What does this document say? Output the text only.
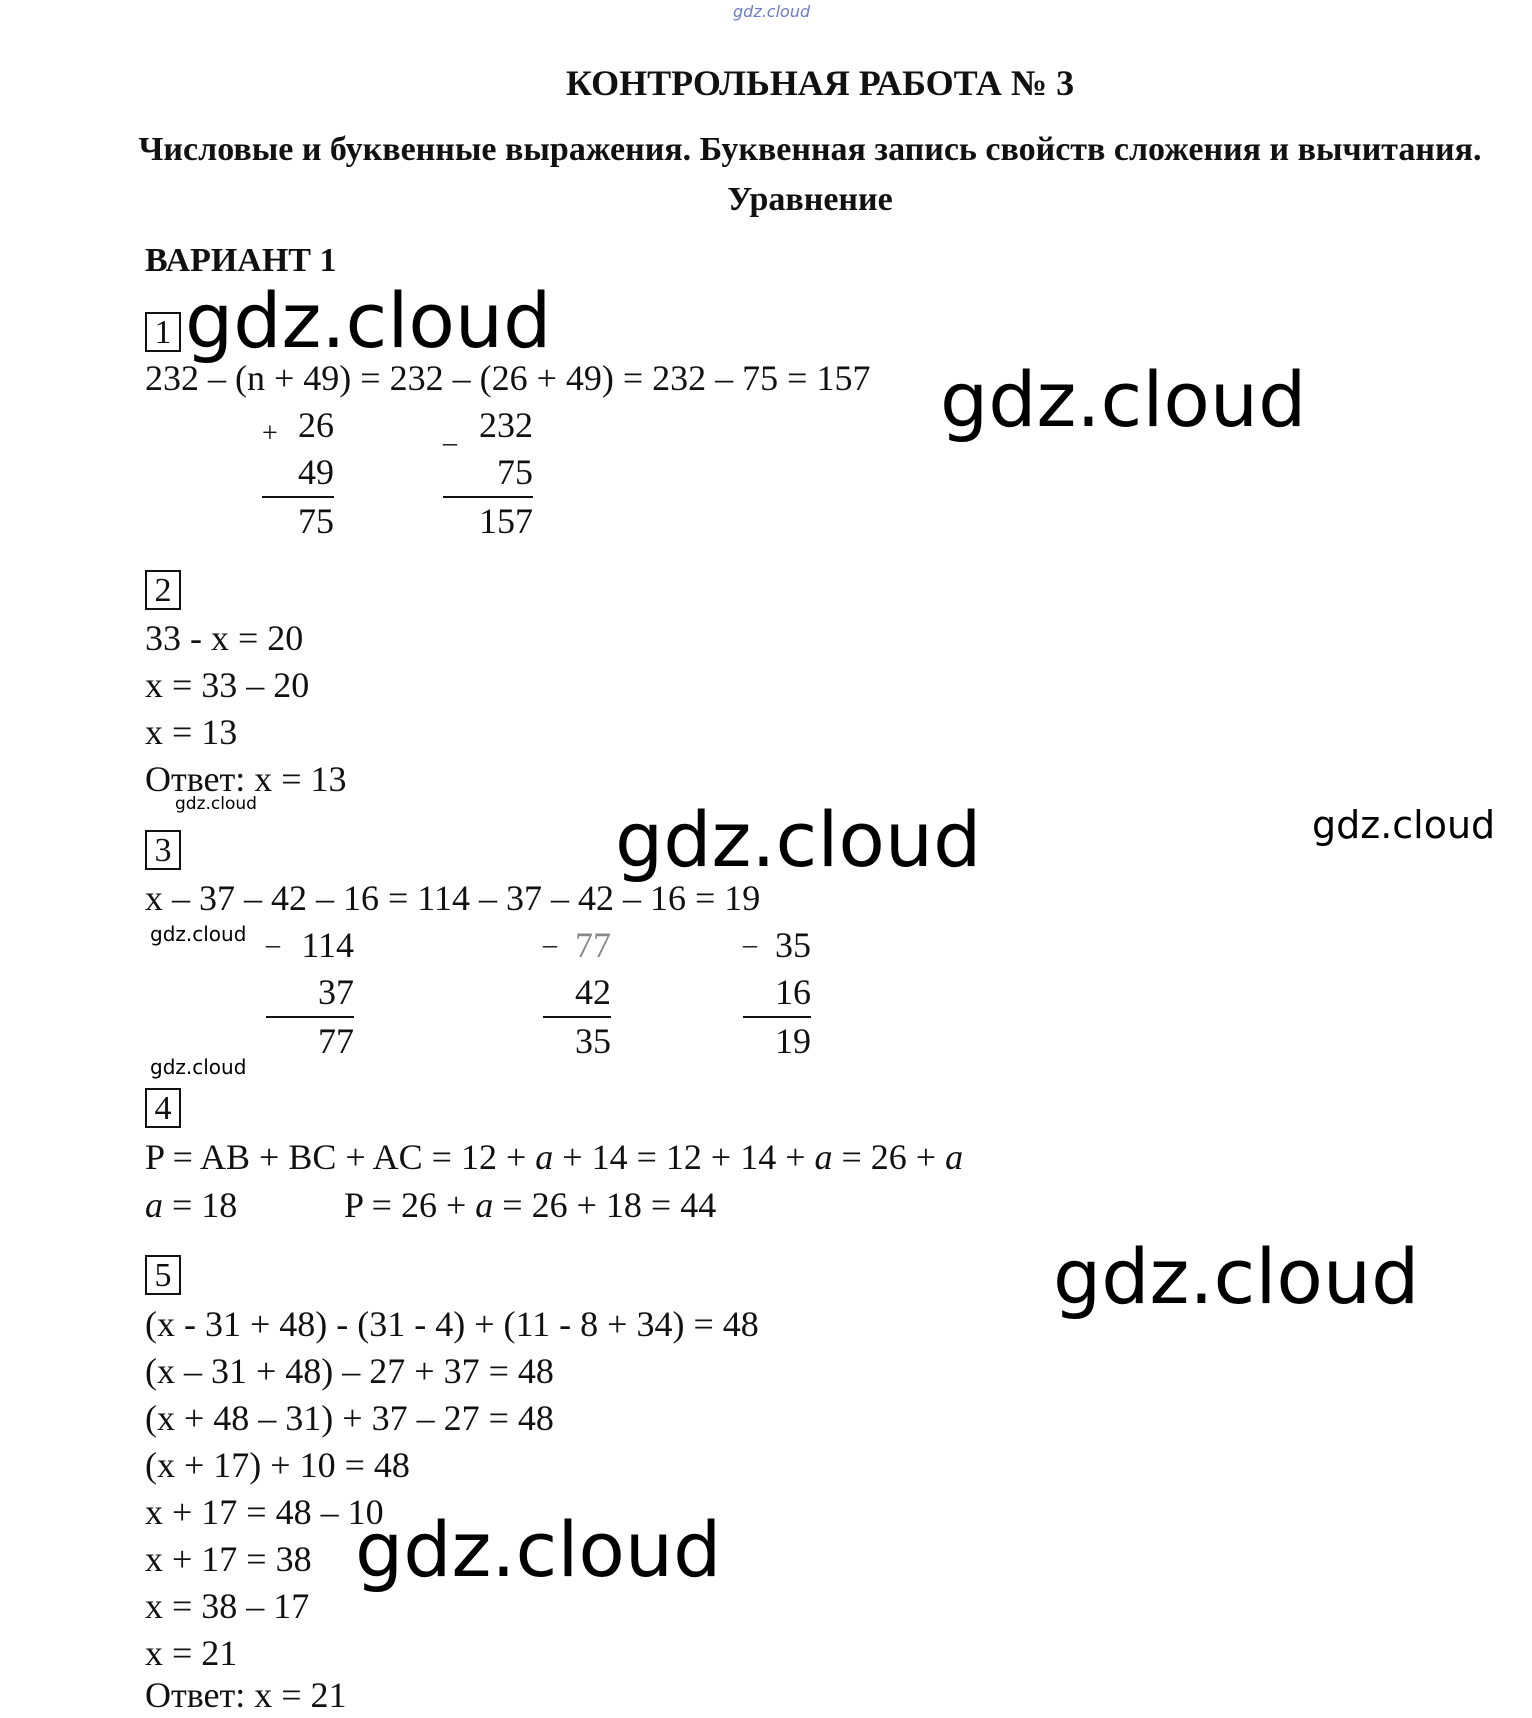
gdz.cloud
КОНТРОЛЬНАЯ РАБОТА № 3
Числовые и буквенные выражения. Буквенная запись свойств сложения и вычитания. Уравнение
ВАРИАНТ 1
1
232 – (n + 49) = 232 – (26 + 49) = 232 – 75 = 157
+ 26
49
75
_ 232
75
157
2
33 - x = 20
x = 33 – 20
x = 13
Ответ: x = 13
3
x – 37 – 42 – 16 = 114 – 37 – 42 – 16 = 19
_ 114
37
77
_ 77
42
35
_ 35
16
19
4
P = AB + BC + AC = 12 + a + 14 = 12 + 14 + a = 26 + a
a = 18	P = 26 + a = 26 + 18 = 44
5
(x - 31 + 48) - (31 - 4) + (11 - 8 + 34) = 48
(x – 31 + 48) – 27 + 37 = 48
(x + 48 – 31) + 37 – 27 = 48
(x + 17) + 10 = 48
x + 17 = 48 – 10
x + 17 = 38
x = 38 – 17
x = 21
Ответ: x = 21
gdz.cloud
gdz.cloud
gdz.cloud	gdz.cloud
gdz.cloud
gdz.cloud
gdz.cloud
gdz.cloud
gdz.cloud
